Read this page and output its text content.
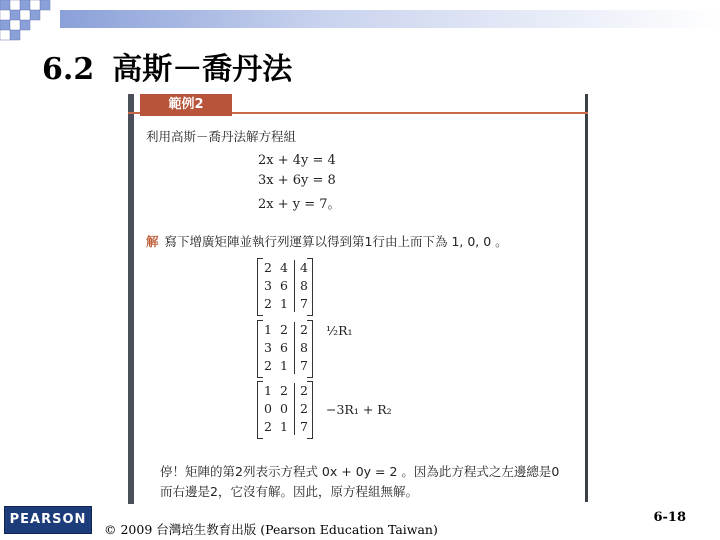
6.2 高斯－喬丹法
範例2
利用高斯－喬丹法解方程組
2x + 4y = 4
3x + 6y = 8
2x + y = 7。
解 寫下增廣矩陣並執行列運算以得到第1行由上而下為 1, 0, 0 。
2 4 4
3 6 8
2 1 7
1 2 2
3 6 8
2 1 7
½R₁
1 2 2
0 0 2
2 1 7
−3R₁ + R₂
停！矩陣的第2列表示方程式 0x + 0y = 2 。因為此方程式之左邊總是0
而右邊是2，它沒有解。因此，原方程組無解。
PEARSON
© 2009 台灣培生教育出版 (Pearson Education Taiwan)
6-18
